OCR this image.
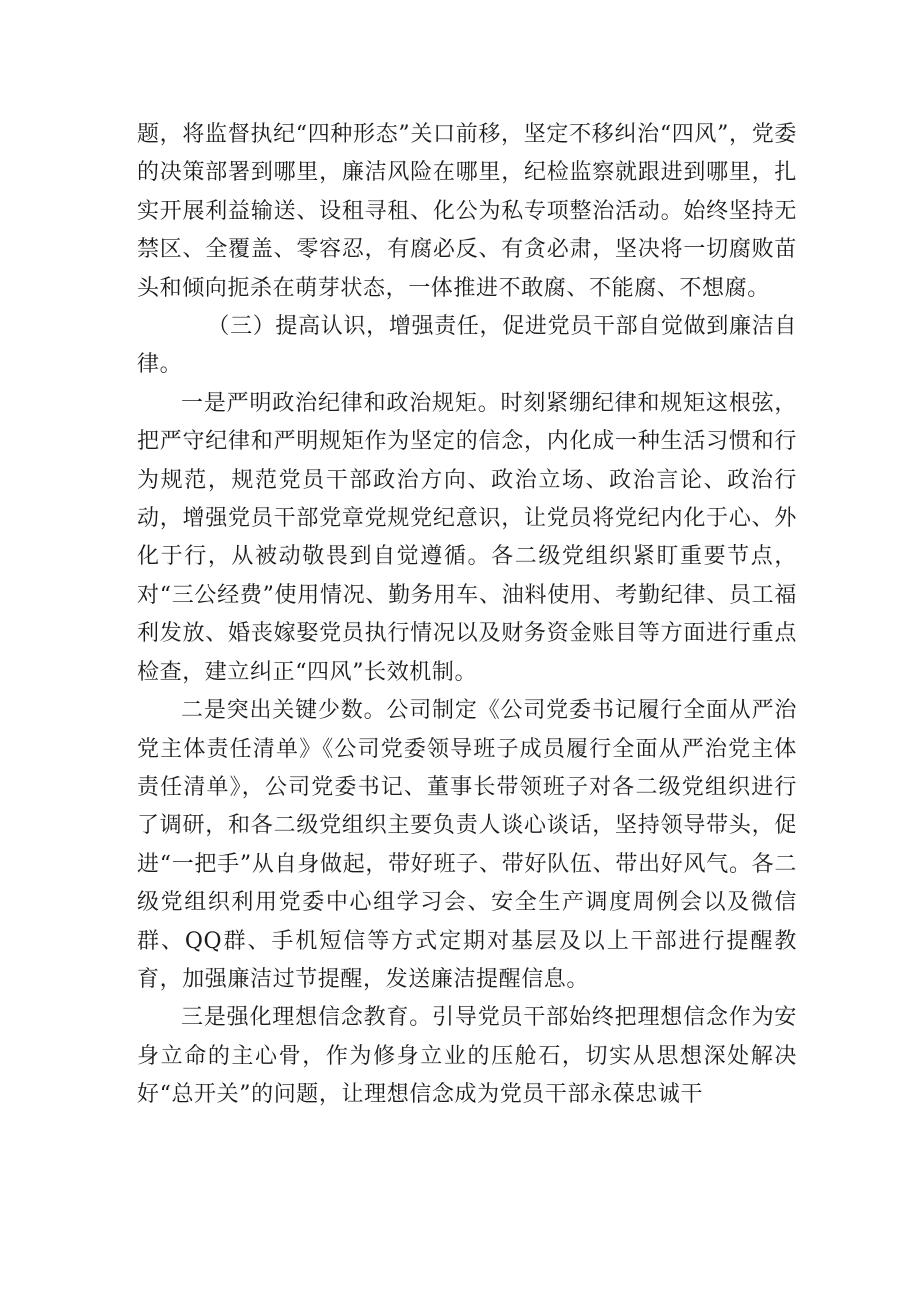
题，将监督执纪“四种形态”关口前移，坚定不移纠治“四风”，党委的决策部署到哪里，廉洁风险在哪里，纪检监察就跟进到哪里，扎实开展利益输送、设租寻租、化公为私专项整治活动。始终坚持无禁区、全覆盖、零容忍，有腐必反、有贪必肃，坚决将一切腐败苗头和倾向扼杀在萌芽状态，一体推进不敢腐、不能腐、不想腐。

（三）提高认识，增强责任，促进党员干部自觉做到廉洁自律。

一是严明政治纪律和政治规矩。时刻紧绷纪律和规矩这根弦，把严守纪律和严明规矩作为坚定的信念，内化成一种生活习惯和行为规范，规范党员干部政治方向、政治立场、政治言论、政治行动，增强党员干部党章党规党纪意识，让党员将党纪内化于心、外化于行，从被动敬畏到自觉遵循。各二级党组织紧盯重要节点，对“三公经费”使用情况、勤务用车、油料使用、考勤纪律、员工福利发放、婚丧嫁娶党员执行情况以及财务资金账目等方面进行重点检查，建立纠正“四风”长效机制。

二是突出关键少数。公司制定《公司党委书记履行全面从严治党主体责任清单》《公司党委领导班子成员履行全面从严治党主体责任清单》，公司党委书记、董事长带领班子对各二级党组织进行了调研，和各二级党组织主要负责人谈心谈话，坚持领导带头，促进“一把手”从自身做起，带好班子、带好队伍、带出好风气。各二级党组织利用党委中心组学习会、安全生产调度周例会以及微信群、QQ群、手机短信等方式定期对基层及以上干部进行提醒教育，加强廉洁过节提醒，发送廉洁提醒信息。

三是强化理想信念教育。引导党员干部始终把理想信念作为安身立命的主心骨，作为修身立业的压舱石，切实从思想深处解决好“总开关”的问题，让理想信念成为党员干部永葆忠诚干
